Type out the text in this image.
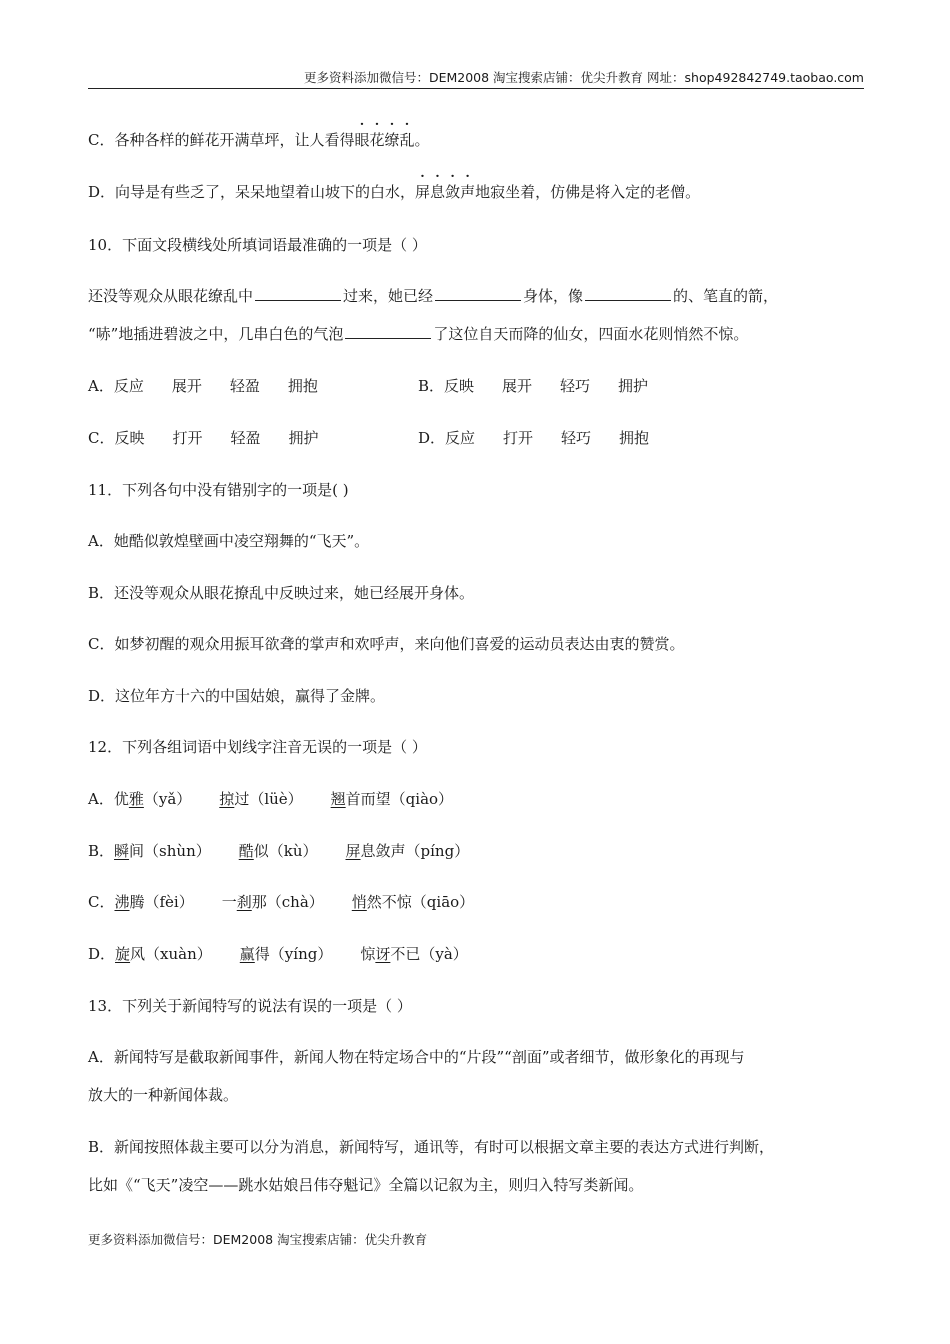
更多资料添加微信号：DEM2008 淘宝搜索店铺：优尖升教育 网址：shop492842749.taobao.com
C．各种各样的鲜花开满草坪，让人看得眼花缭乱。
D．向导是有些乏了，呆呆地望着山坡下的白水，屏息敛声地寂坐着，仿佛是将入定的老僧。
10．下面文段横线处所填词语最准确的一项是（ ）
还没等观众从眼花缭乱中	过来，她已经	身体，像	的、笔直的箭，
“哧”地插进碧波之中，几串白色的气泡	了这位自天而降的仙女，四面水花则悄然不惊。
A．反应 展开 轻盈 拥抱	B．反映 展开 轻巧 拥护
C．反映 打开 轻盈 拥护	D．反应 打开 轻巧 拥抱
11．下列各句中没有错别字的一项是( )
A．她酷似敦煌壁画中凌空翔舞的“飞天”。
B．还没等观众从眼花撩乱中反映过来，她已经展开身体。
C．如梦初醒的观众用振耳欲聋的掌声和欢呼声，来向他们喜爱的运动员表达由衷的赞赏。
D．这位年方十六的中国姑娘，赢得了金牌。
12．下列各组词语中划线字注音无误的一项是（ ）
A．优雅（yǎ） 掠过（lüè） 翘首而望（qiào）
B．瞬间（shùn） 酷似（kù） 屏息敛声（píng）
C．沸腾（fèi） 一刹那（chà） 悄然不惊（qiāo）
D．旋风（xuàn） 赢得（yíng） 惊讶不已（yà）
13．下列关于新闻特写的说法有误的一项是（ ）
A．新闻特写是截取新闻事件，新闻人物在特定场合中的“片段”“剖面”或者细节，做形象化的再现与
放大的一种新闻体裁。
B．新闻按照体裁主要可以分为消息，新闻特写，通讯等，有时可以根据文章主要的表达方式进行判断，
比如《“飞天”凌空——跳水姑娘吕伟夺魁记》全篇以记叙为主，则归入特写类新闻。
更多资料添加微信号：DEM2008 淘宝搜索店铺：优尖升教育
